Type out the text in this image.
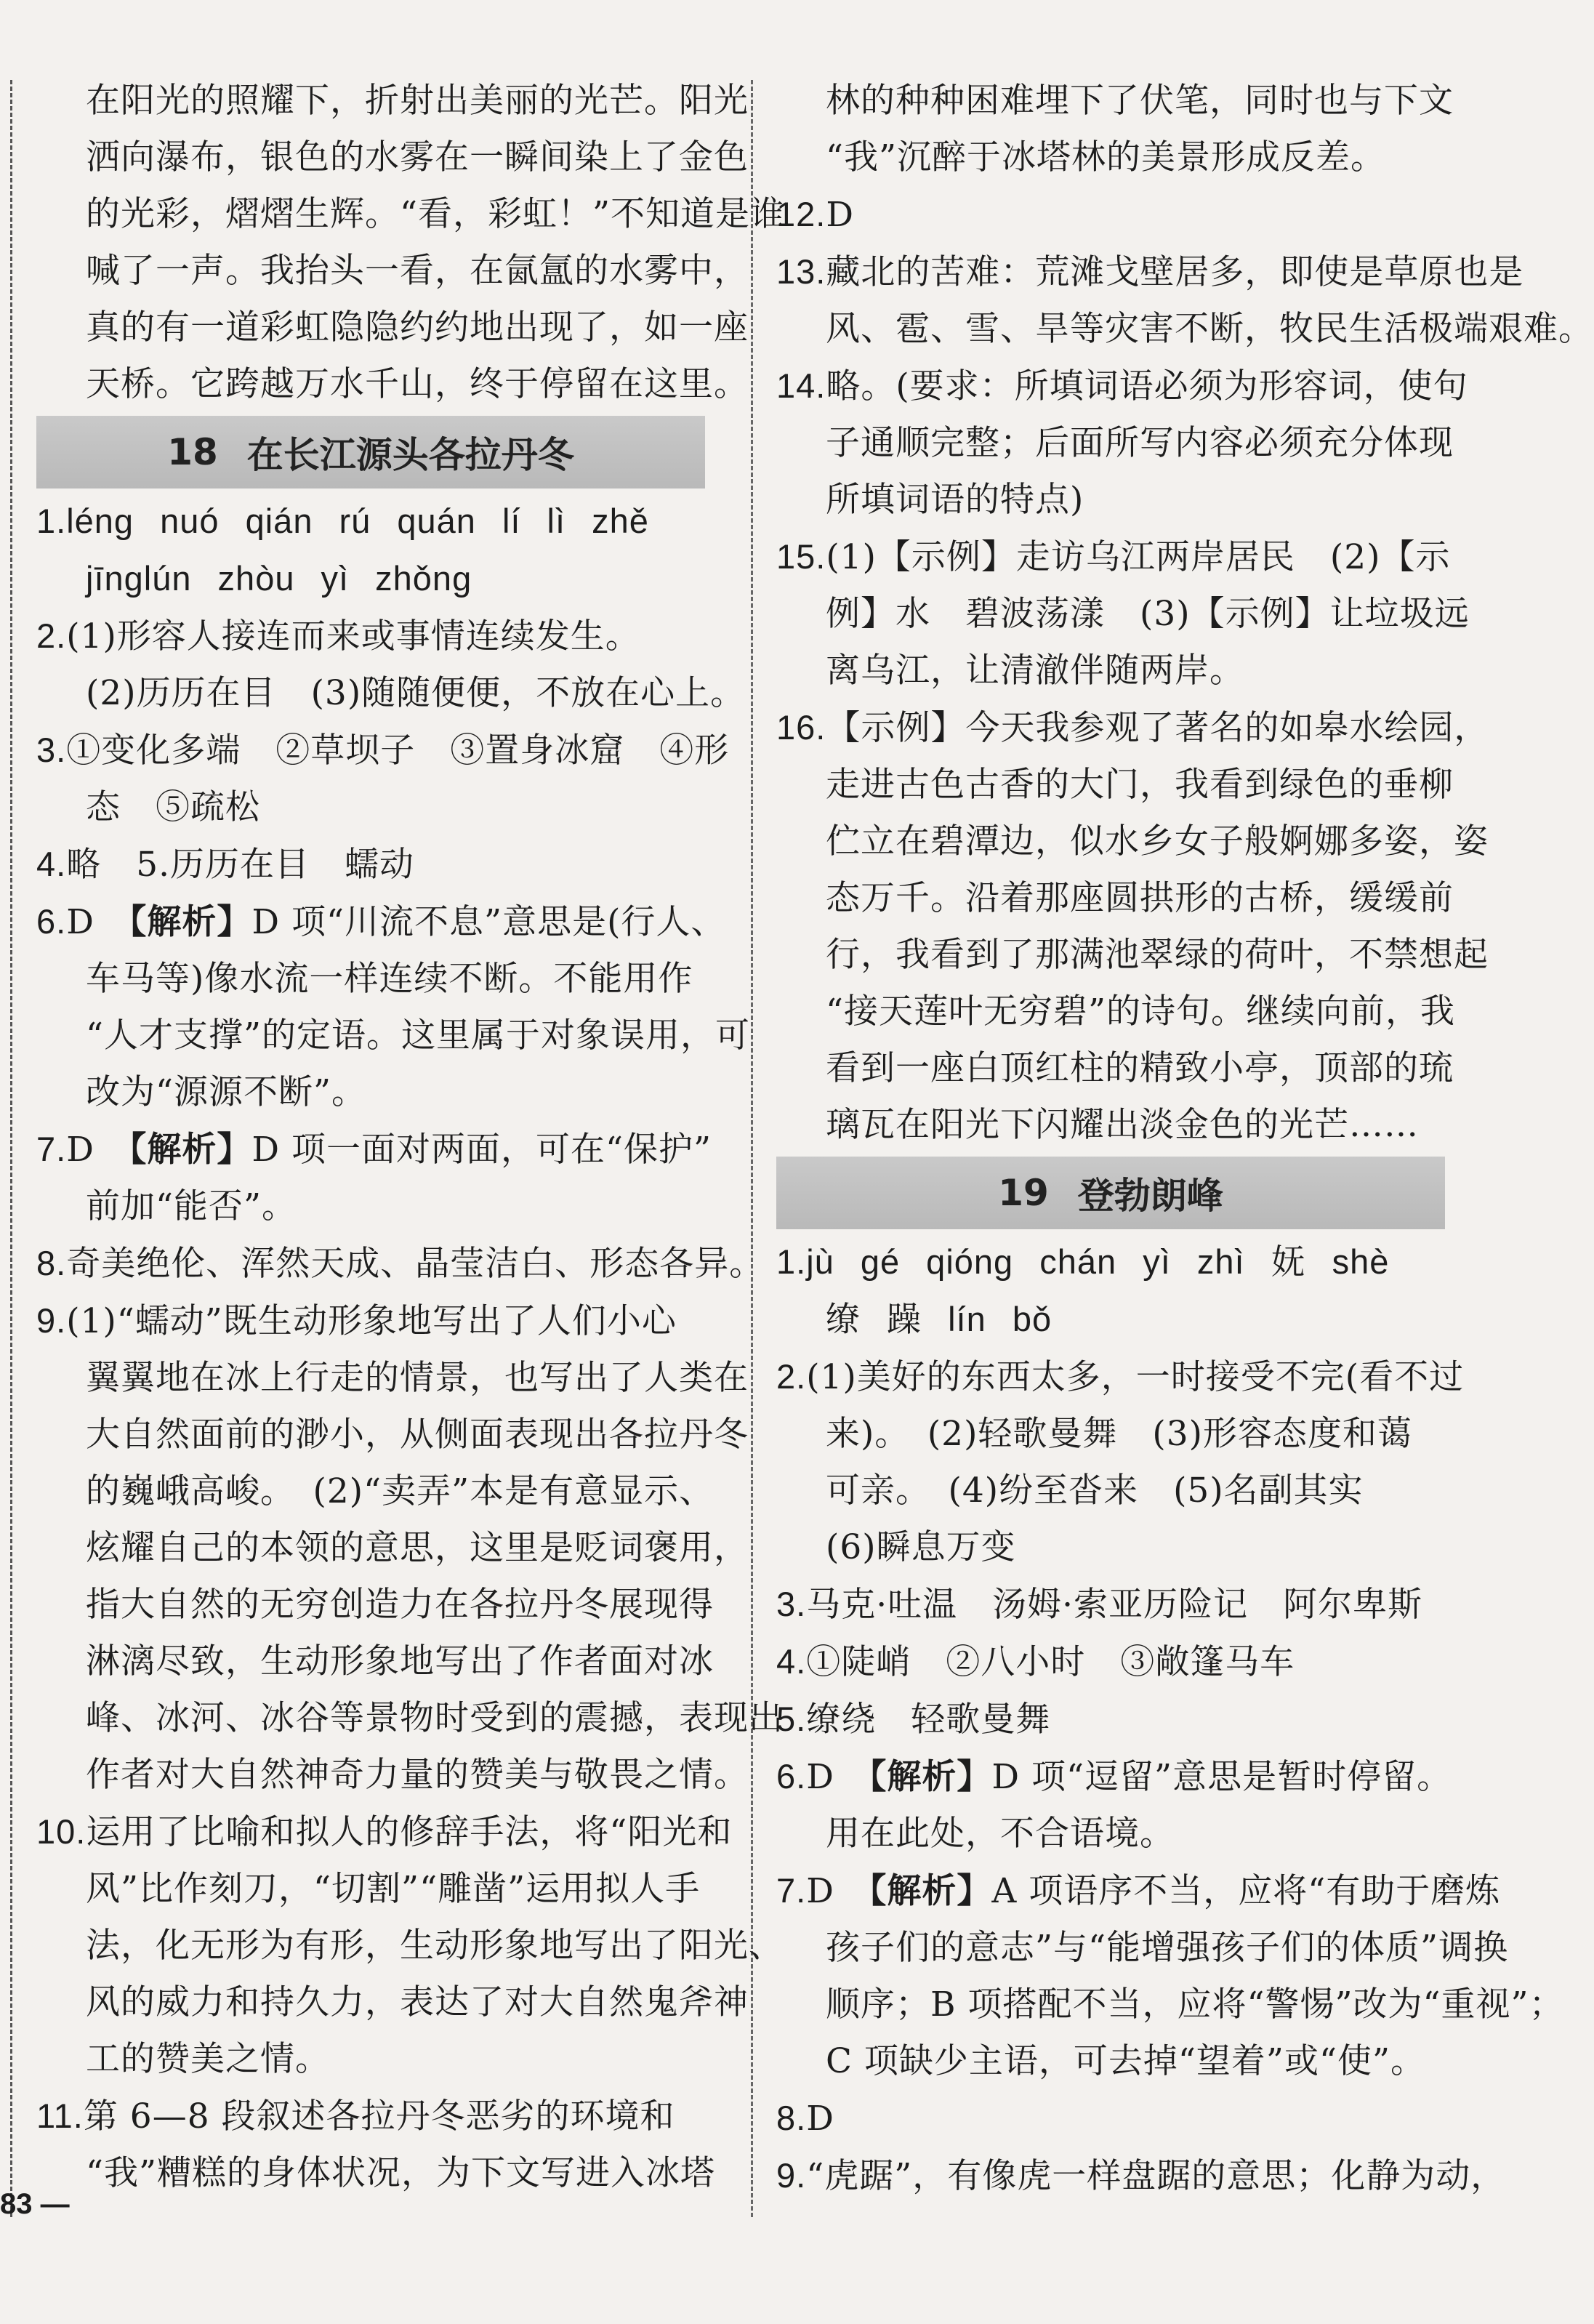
在阳光的照耀下，折射出美丽的光芒。阳光
洒向瀑布，银色的水雾在一瞬间染上了金色
的光彩，熠熠生辉。“看，彩虹！”不知道是谁
喊了一声。我抬头一看，在氤氲的水雾中，
真的有一道彩虹隐隐约约地出现了，如一座
天桥。它跨越万水千山，终于停留在这里。
18 在长江源头各拉丹冬
1.léng nuó qián rú quán lí lì zhě
jīnglún zhòu yì zhǒng
2.(1)形容人接连而来或事情连续发生。
(2)历历在目　(3)随随便便，不放在心上。
3.①变化多端　②草坝子　③置身冰窟　④形
态　⑤疏松
4.略　5.历历在目　蠕动
6.D　【解析】D 项“川流不息”意思是(行人、
车马等)像水流一样连续不断。不能用作
“人才支撑”的定语。这里属于对象误用，可
改为“源源不断”。
7.D　【解析】D 项一面对两面，可在“保护”
前加“能否”。
8.奇美绝伦、浑然天成、晶莹洁白、形态各异。
9.(1)“蠕动”既生动形象地写出了人们小心
翼翼地在冰上行走的情景，也写出了人类在
大自然面前的渺小，从侧面表现出各拉丹冬
的巍峨高峻。　(2)“卖弄”本是有意显示、
炫耀自己的本领的意思，这里是贬词褒用，
指大自然的无穷创造力在各拉丹冬展现得
淋漓尽致，生动形象地写出了作者面对冰
峰、冰河、冰谷等景物时受到的震撼，表现出
作者对大自然神奇力量的赞美与敬畏之情。
10.运用了比喻和拟人的修辞手法，将“阳光和
风”比作刻刀，“切割”“雕凿”运用拟人手
法，化无形为有形，生动形象地写出了阳光、
风的威力和持久力，表达了对大自然鬼斧神
工的赞美之情。
11.第 6—8 段叙述各拉丹冬恶劣的环境和
“我”糟糕的身体状况，为下文写进入冰塔
林的种种困难埋下了伏笔，同时也与下文
“我”沉醉于冰塔林的美景形成反差。
12.D
13.藏北的苦难：荒滩戈壁居多，即使是草原也是
风、雹、雪、旱等灾害不断，牧民生活极端艰难。
14.略。(要求：所填词语必须为形容词，使句
子通顺完整；后面所写内容必须充分体现
所填词语的特点)
15.(1)【示例】走访乌江两岸居民　(2)【示
例】水　碧波荡漾　(3)【示例】让垃圾远
离乌江，让清澈伴随两岸。
16.【示例】今天我参观了著名的如皋水绘园，
走进古色古香的大门，我看到绿色的垂柳
伫立在碧潭边，似水乡女子般婀娜多姿，姿
态万千。沿着那座圆拱形的古桥，缓缓前
行，我看到了那满池翠绿的荷叶，不禁想起
“接天莲叶无穷碧”的诗句。继续向前，我
看到一座白顶红柱的精致小亭，顶部的琉
璃瓦在阳光下闪耀出淡金色的光芒……
19 登勃朗峰
1.jù gé qióng chán yì zhì 妩 shè
缭 躁 lín bǒ
2.(1)美好的东西太多，一时接受不完(看不过
来)。　(2)轻歌曼舞　(3)形容态度和蔼
可亲。　(4)纷至沓来　(5)名副其实
(6)瞬息万变
3.马克·吐温　汤姆·索亚历险记　阿尔卑斯
4.①陡峭　②八小时　③敞篷马车
5.缭绕　轻歌曼舞
6.D　【解析】D 项“逗留”意思是暂时停留。
用在此处，不合语境。
7.D　【解析】A 项语序不当，应将“有助于磨炼
孩子们的意志”与“能增强孩子们的体质”调换
顺序；B 项搭配不当，应将“警惕”改为“重视”；
C 项缺少主语，可去掉“望着”或“使”。
8.D
9.“虎踞”，有像虎一样盘踞的意思；化静为动，
83 —
